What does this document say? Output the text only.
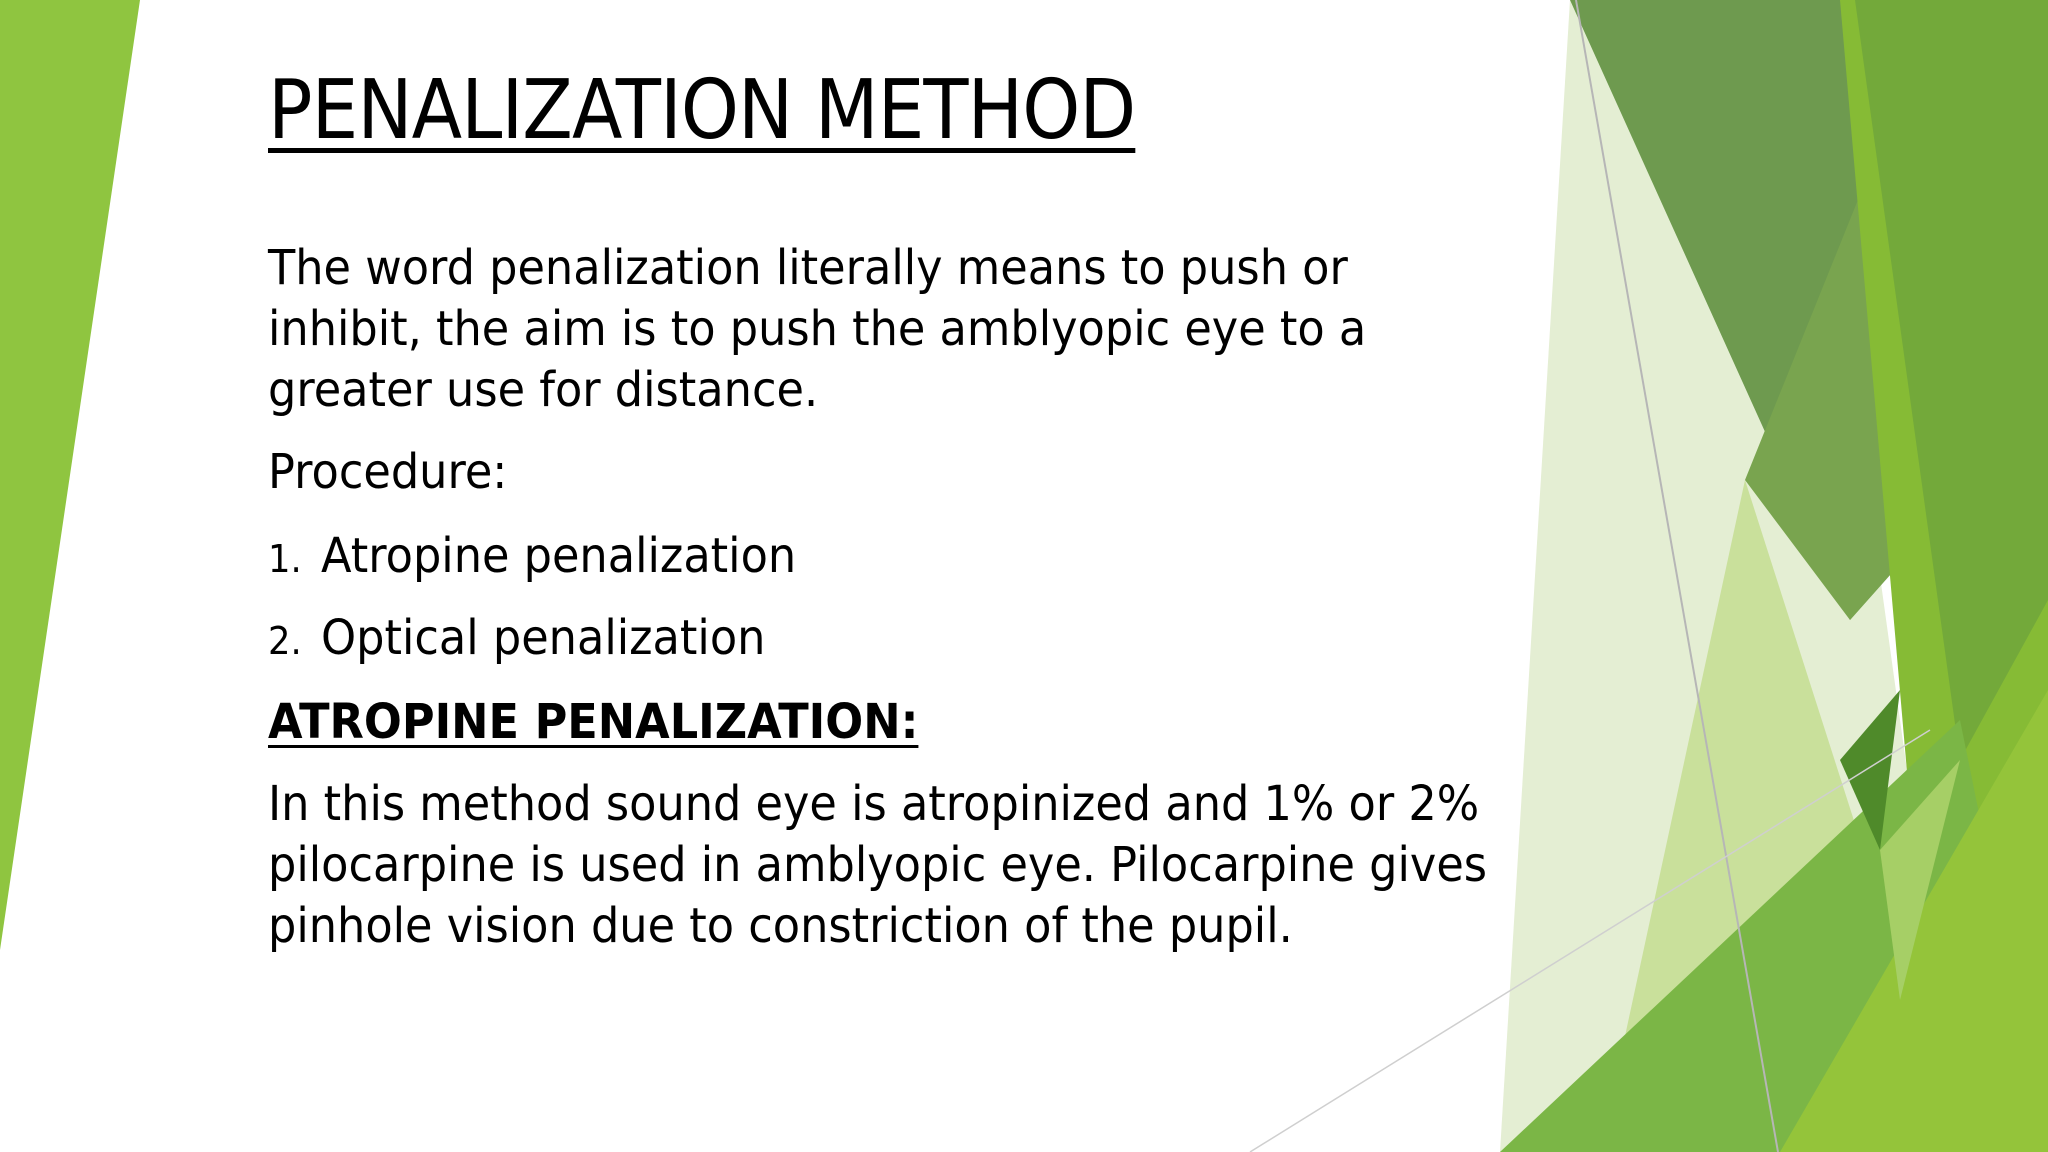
PENALIZATION METHOD

The word penalization literally means to push or
inhibit, the aim is to push the amblyopic eye to a
greater use for distance.

Procedure:

1. Atropine penalization

2. Optical penalization

ATROPINE PENALIZATION:

In this method sound eye is atropinized and 1% or 2%
pilocarpine is used in amblyopic eye. Pilocarpine gives
pinhole vision due to constriction of the pupil.
